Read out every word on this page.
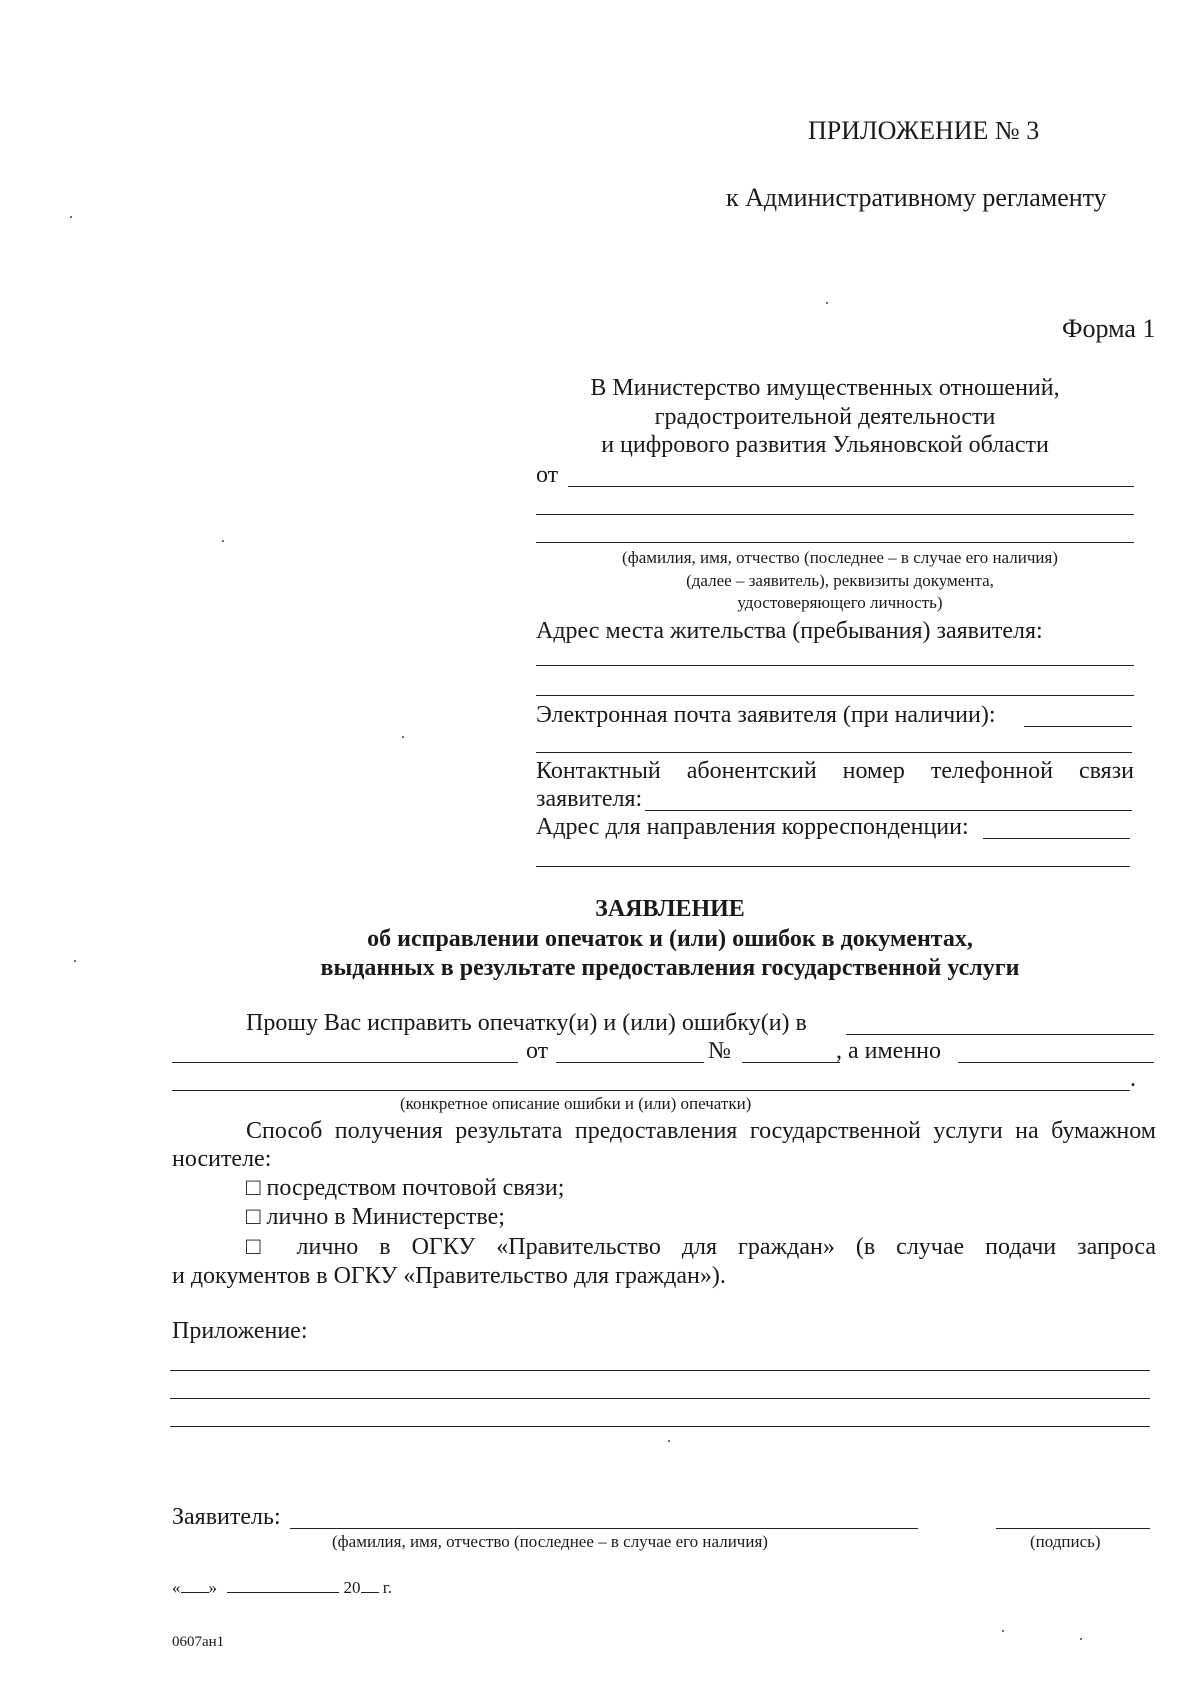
ПРИЛОЖЕНИЕ № 3
к Административному регламенту
Форма 1
В Министерство имущественных отношений,
градостроительной деятельности
и цифрового развития Ульяновской области
от
(фамилия, имя, отчество (последнее – в случае его наличия)
(далее – заявитель), реквизиты документа,
удостоверяющего личность)
Адрес места жительства (пребывания) заявителя:
Электронная почта заявителя (при наличии):
Контактный абонентский номер телефонной связи
заявителя:
Адрес для направления корреспонденции:
ЗАЯВЛЕНИЕ
об исправлении опечаток и (или) ошибок в документах,
выданных в результате предоставления государственной услуги
Прошу Вас исправить опечатку(и) и (или) ошибку(и) в
от	№	, а именно
.
(конкретное описание ошибки и (или) опечатки)
Способ получения результата предоставления государственной услуги на бумажном
носителе:
□ посредством почтовой связи;
□ лично в Министерстве;
□ лично в ОГКУ «Правительство для граждан» (в случае подачи запроса
и документов в ОГКУ «Правительство для граждан»).
Приложение:
Заявитель:
(фамилия, имя, отчество (последнее – в случае его наличия)	(подпись)
« »	20 г.
0607ан1
